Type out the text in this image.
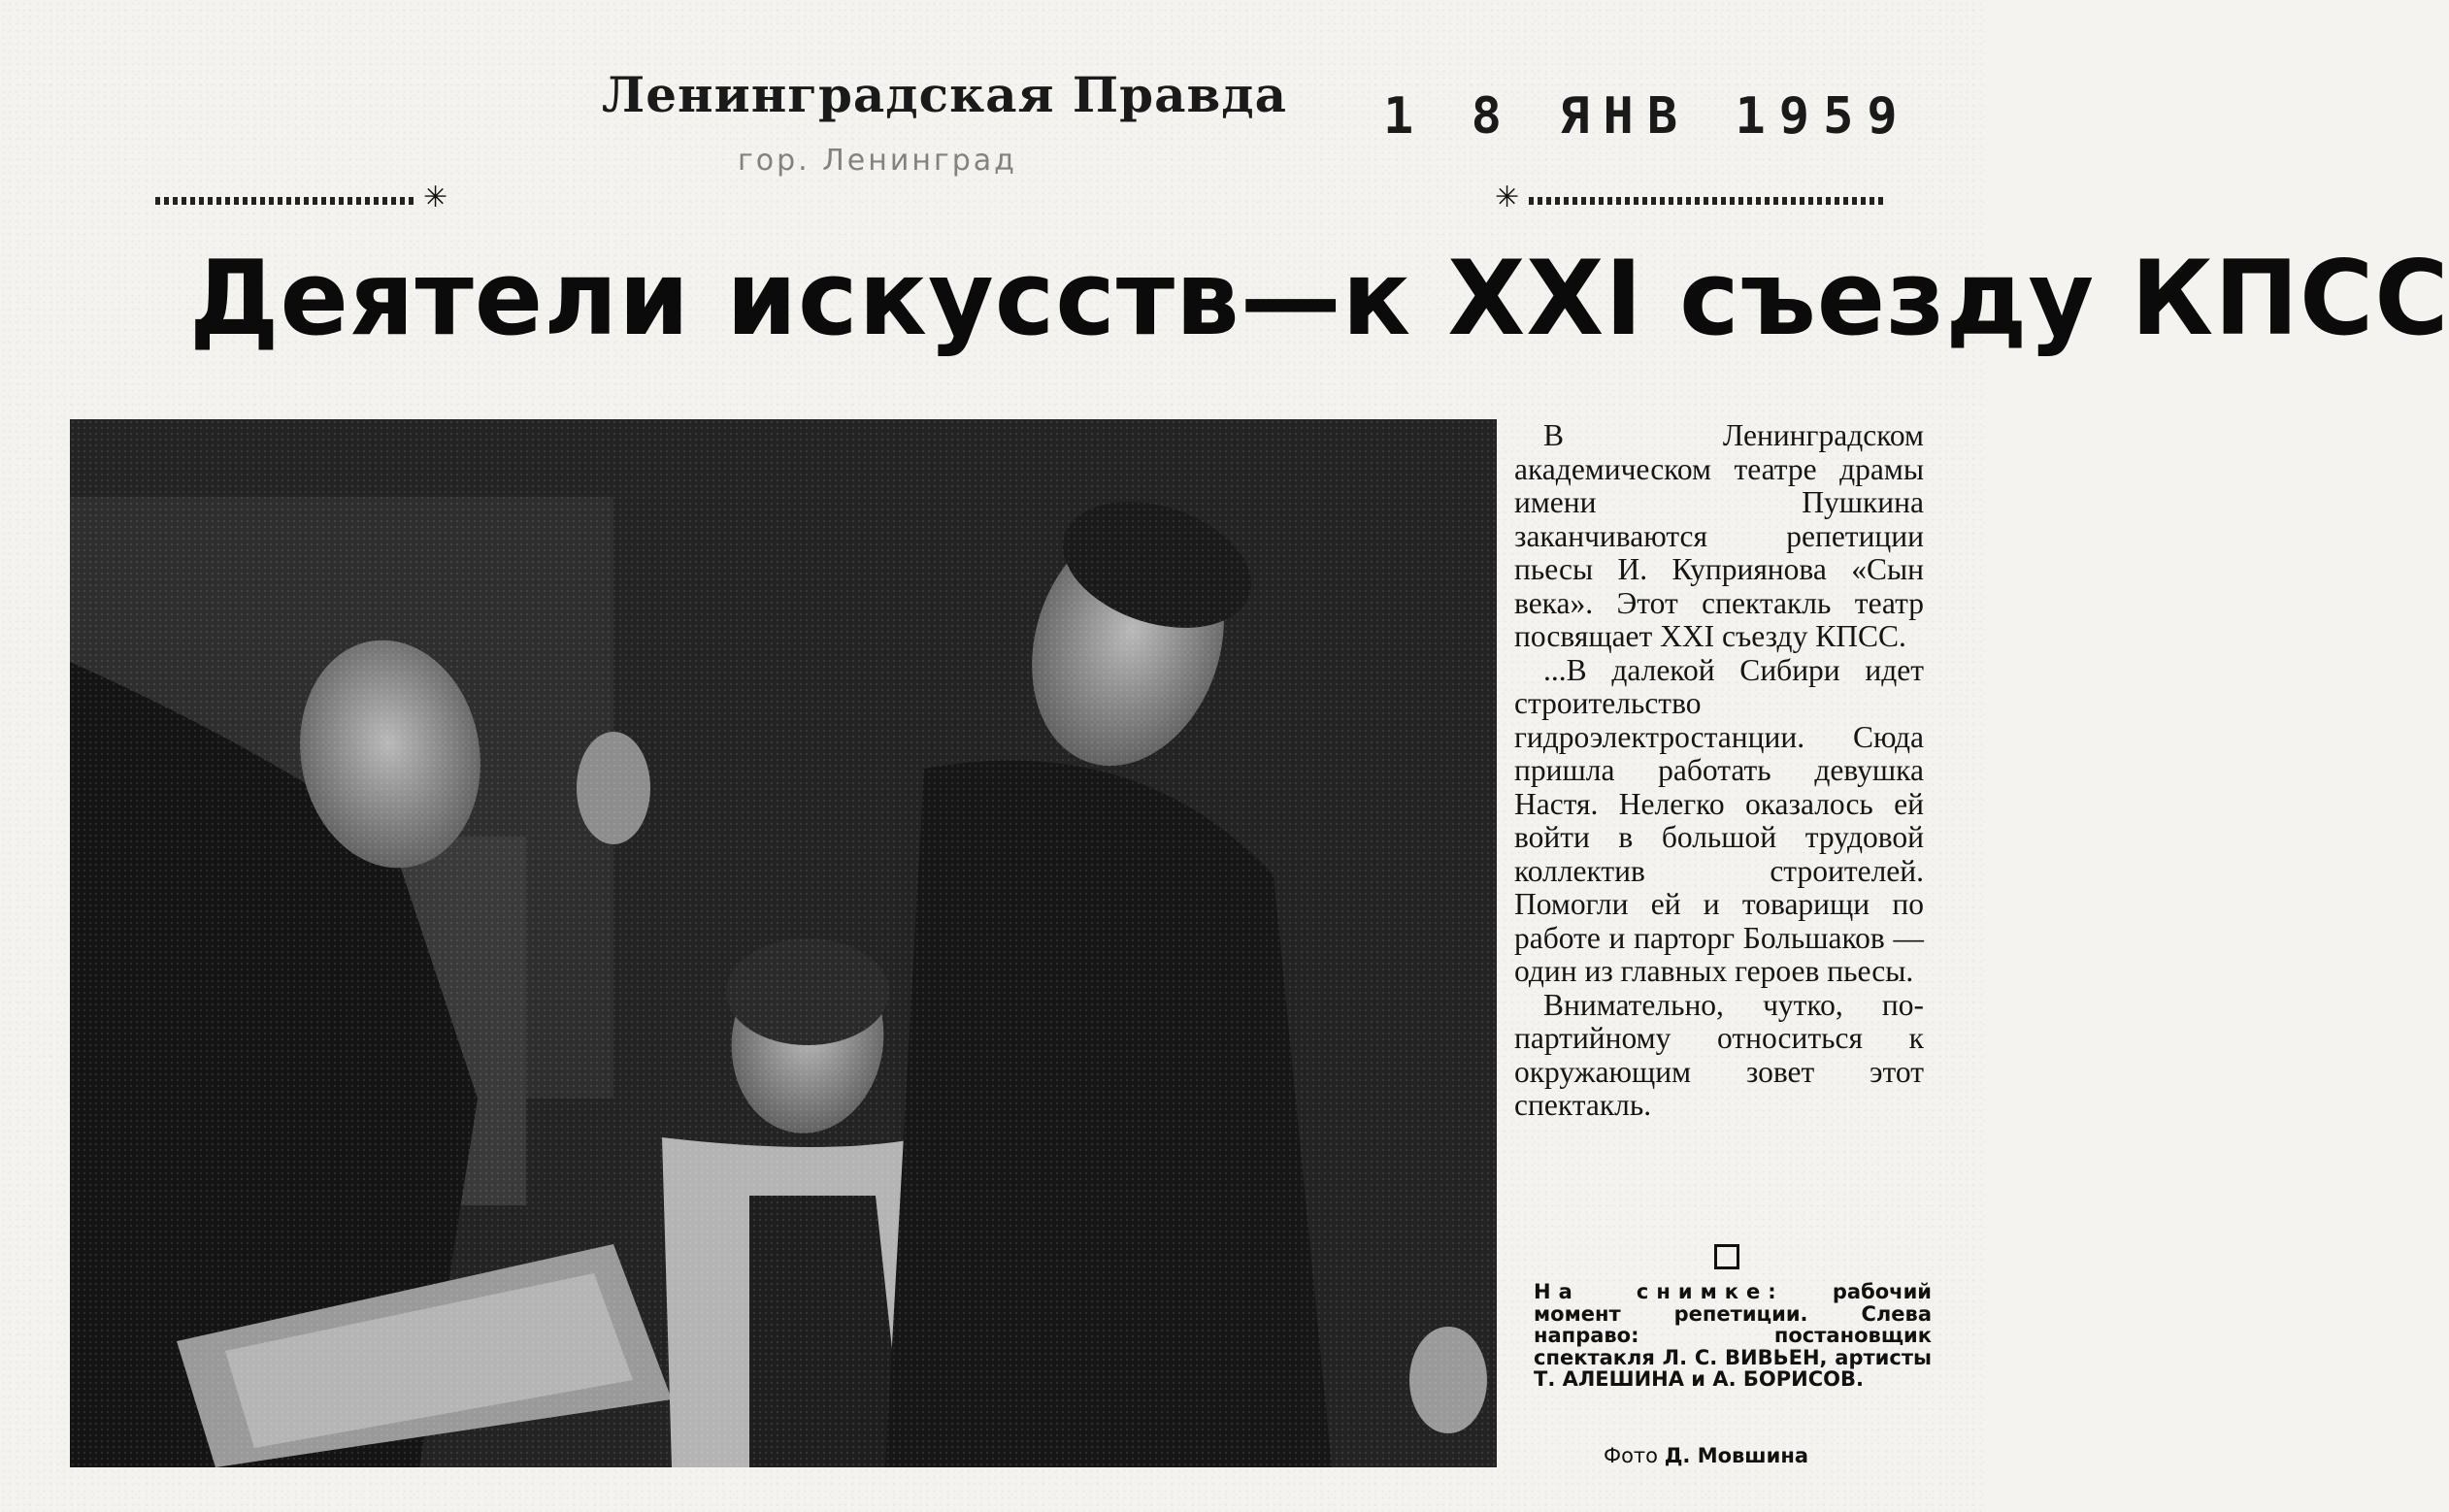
Ленинградская Правда
гор. Ленинград
1 8 ЯНВ 1959
✳	✳
Деятели искусств—к XXI съезду КПСС

В Ленинградском академическом театре драмы имени Пушкина заканчиваются репетиции пьесы И. Куприянова «Сын века». Этот спектакль театр посвящает XXI съезду КПСС.

...В далекой Сибири идет строительство гидроэлектростанции. Сюда пришла работать девушка Настя. Нелегко оказалось ей войти в большой трудовой коллектив строителей. Помогли ей и товарищи по работе и парторг Большаков — один из главных героев пьесы.

Внимательно, чутко, по-партийному относиться к окружающим зовет этот спектакль.

На снимке: рабочий момент репетиции. Слева направо: постановщик спектакля Л. С. ВИВЬЕН, артисты Т. АЛЕШИНА и А. БОРИСОВ.
Фото Д. Мовшина
